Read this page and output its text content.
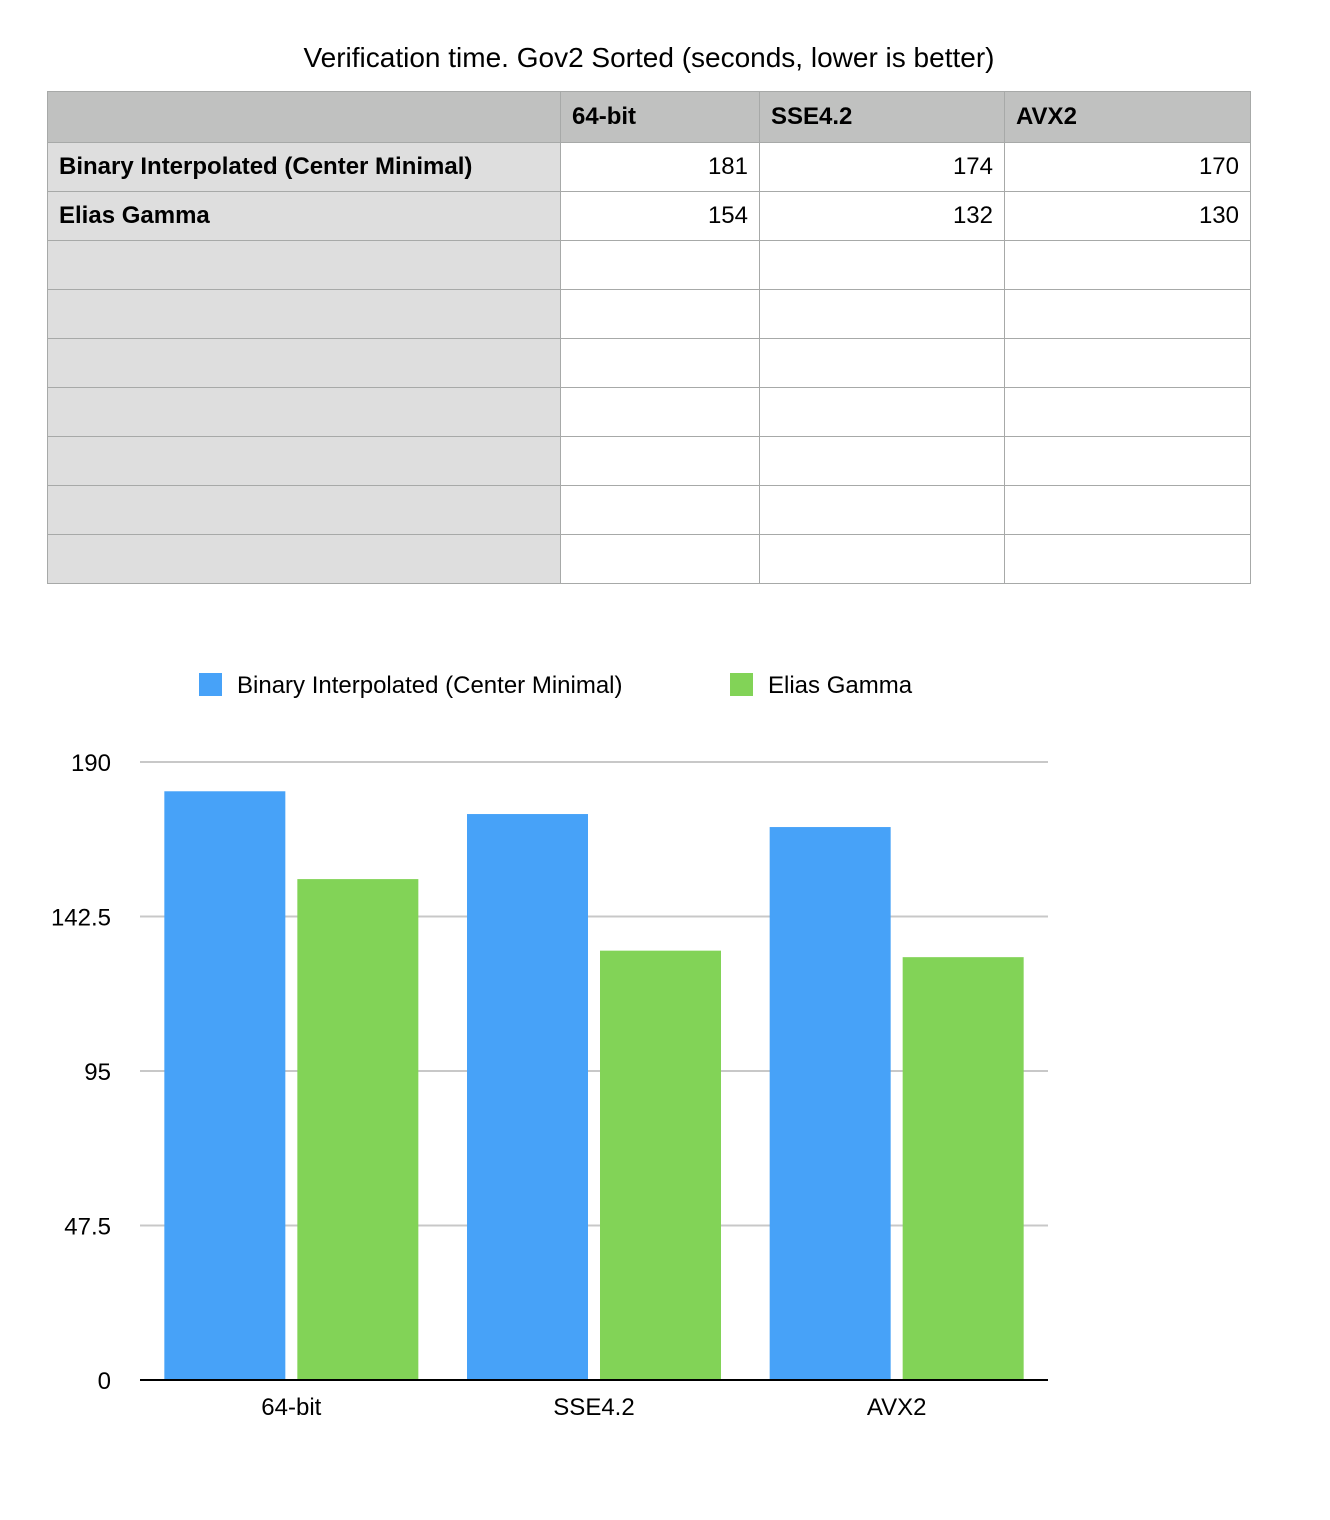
Verification time. Gov2 Sorted (seconds, lower is better)
	64-bit	SSE4.2	AVX2
Binary Interpolated (Center Minimal)	181	174	170
Elias Gamma	154	132	130

Binary Interpolated (Center Minimal)	Elias Gamma
0
47.5
95
142.5
190
64-bit	SSE4.2	AVX2
